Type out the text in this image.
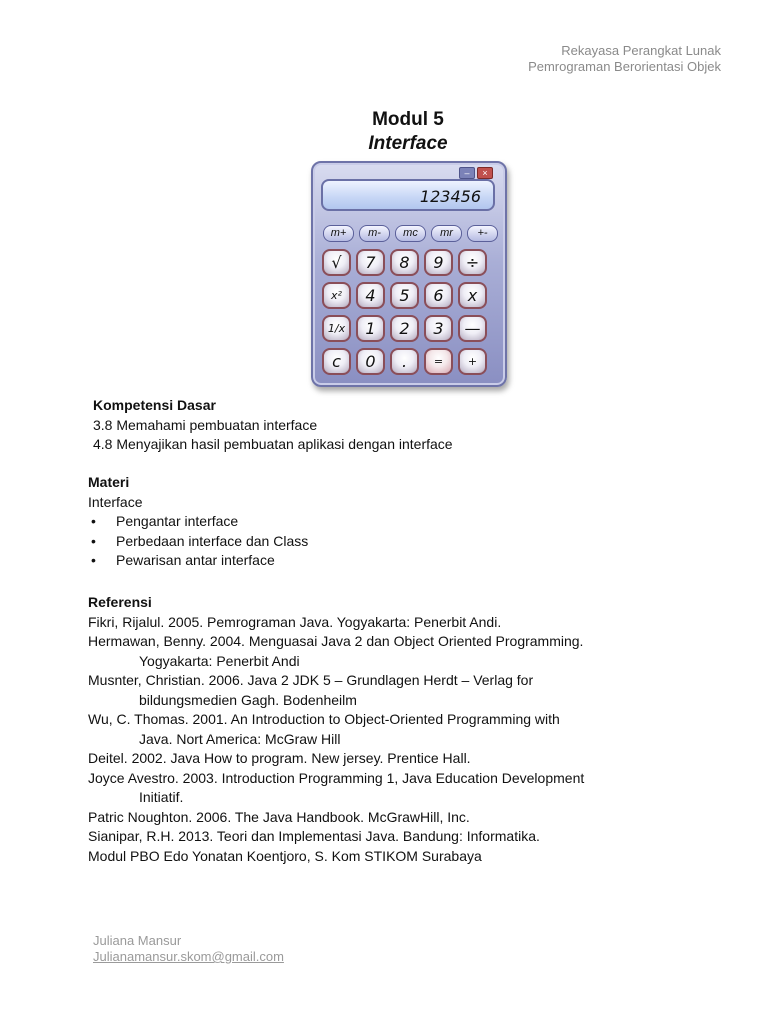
Rekayasa Perangkat Lunak
Pemrograman Berorientasi Objek
Modul 5
Interface
–	×
123456
m+	m-	mc	mr	+-
√	7	8	9	÷
x²	4	5	6	x
1/x	1	2	3	—
c	0	.	=	+
Kompetensi Dasar
3.8 Memahami pembuatan interface
4.8 Menyajikan hasil pembuatan aplikasi dengan interface
Materi
Interface
• Pengantar interface
• Perbedaan interface dan Class
• Pewarisan antar interface
Referensi
Fikri, Rijalul. 2005. Pemrograman Java. Yogyakarta: Penerbit Andi.
Hermawan, Benny. 2004. Menguasai Java 2 dan Object Oriented Programming.
Yogyakarta: Penerbit Andi
Musnter, Christian. 2006. Java 2 JDK 5 – Grundlagen Herdt – Verlag for
bildungsmedien Gagh. Bodenheilm
Wu, C. Thomas. 2001. An Introduction to Object-Oriented Programming with
Java. Nort America: McGraw Hill
Deitel. 2002. Java How to program. New jersey. Prentice Hall.
Joyce Avestro. 2003. Introduction Programming 1, Java Education Development
Initiatif.
Patric Noughton. 2006. The Java Handbook. McGrawHill, Inc.
Sianipar, R.H. 2013. Teori dan Implementasi Java. Bandung: Informatika.
Modul PBO Edo Yonatan Koentjoro, S. Kom STIKOM Surabaya
Juliana Mansur
Julianamansur.skom@gmail.com
